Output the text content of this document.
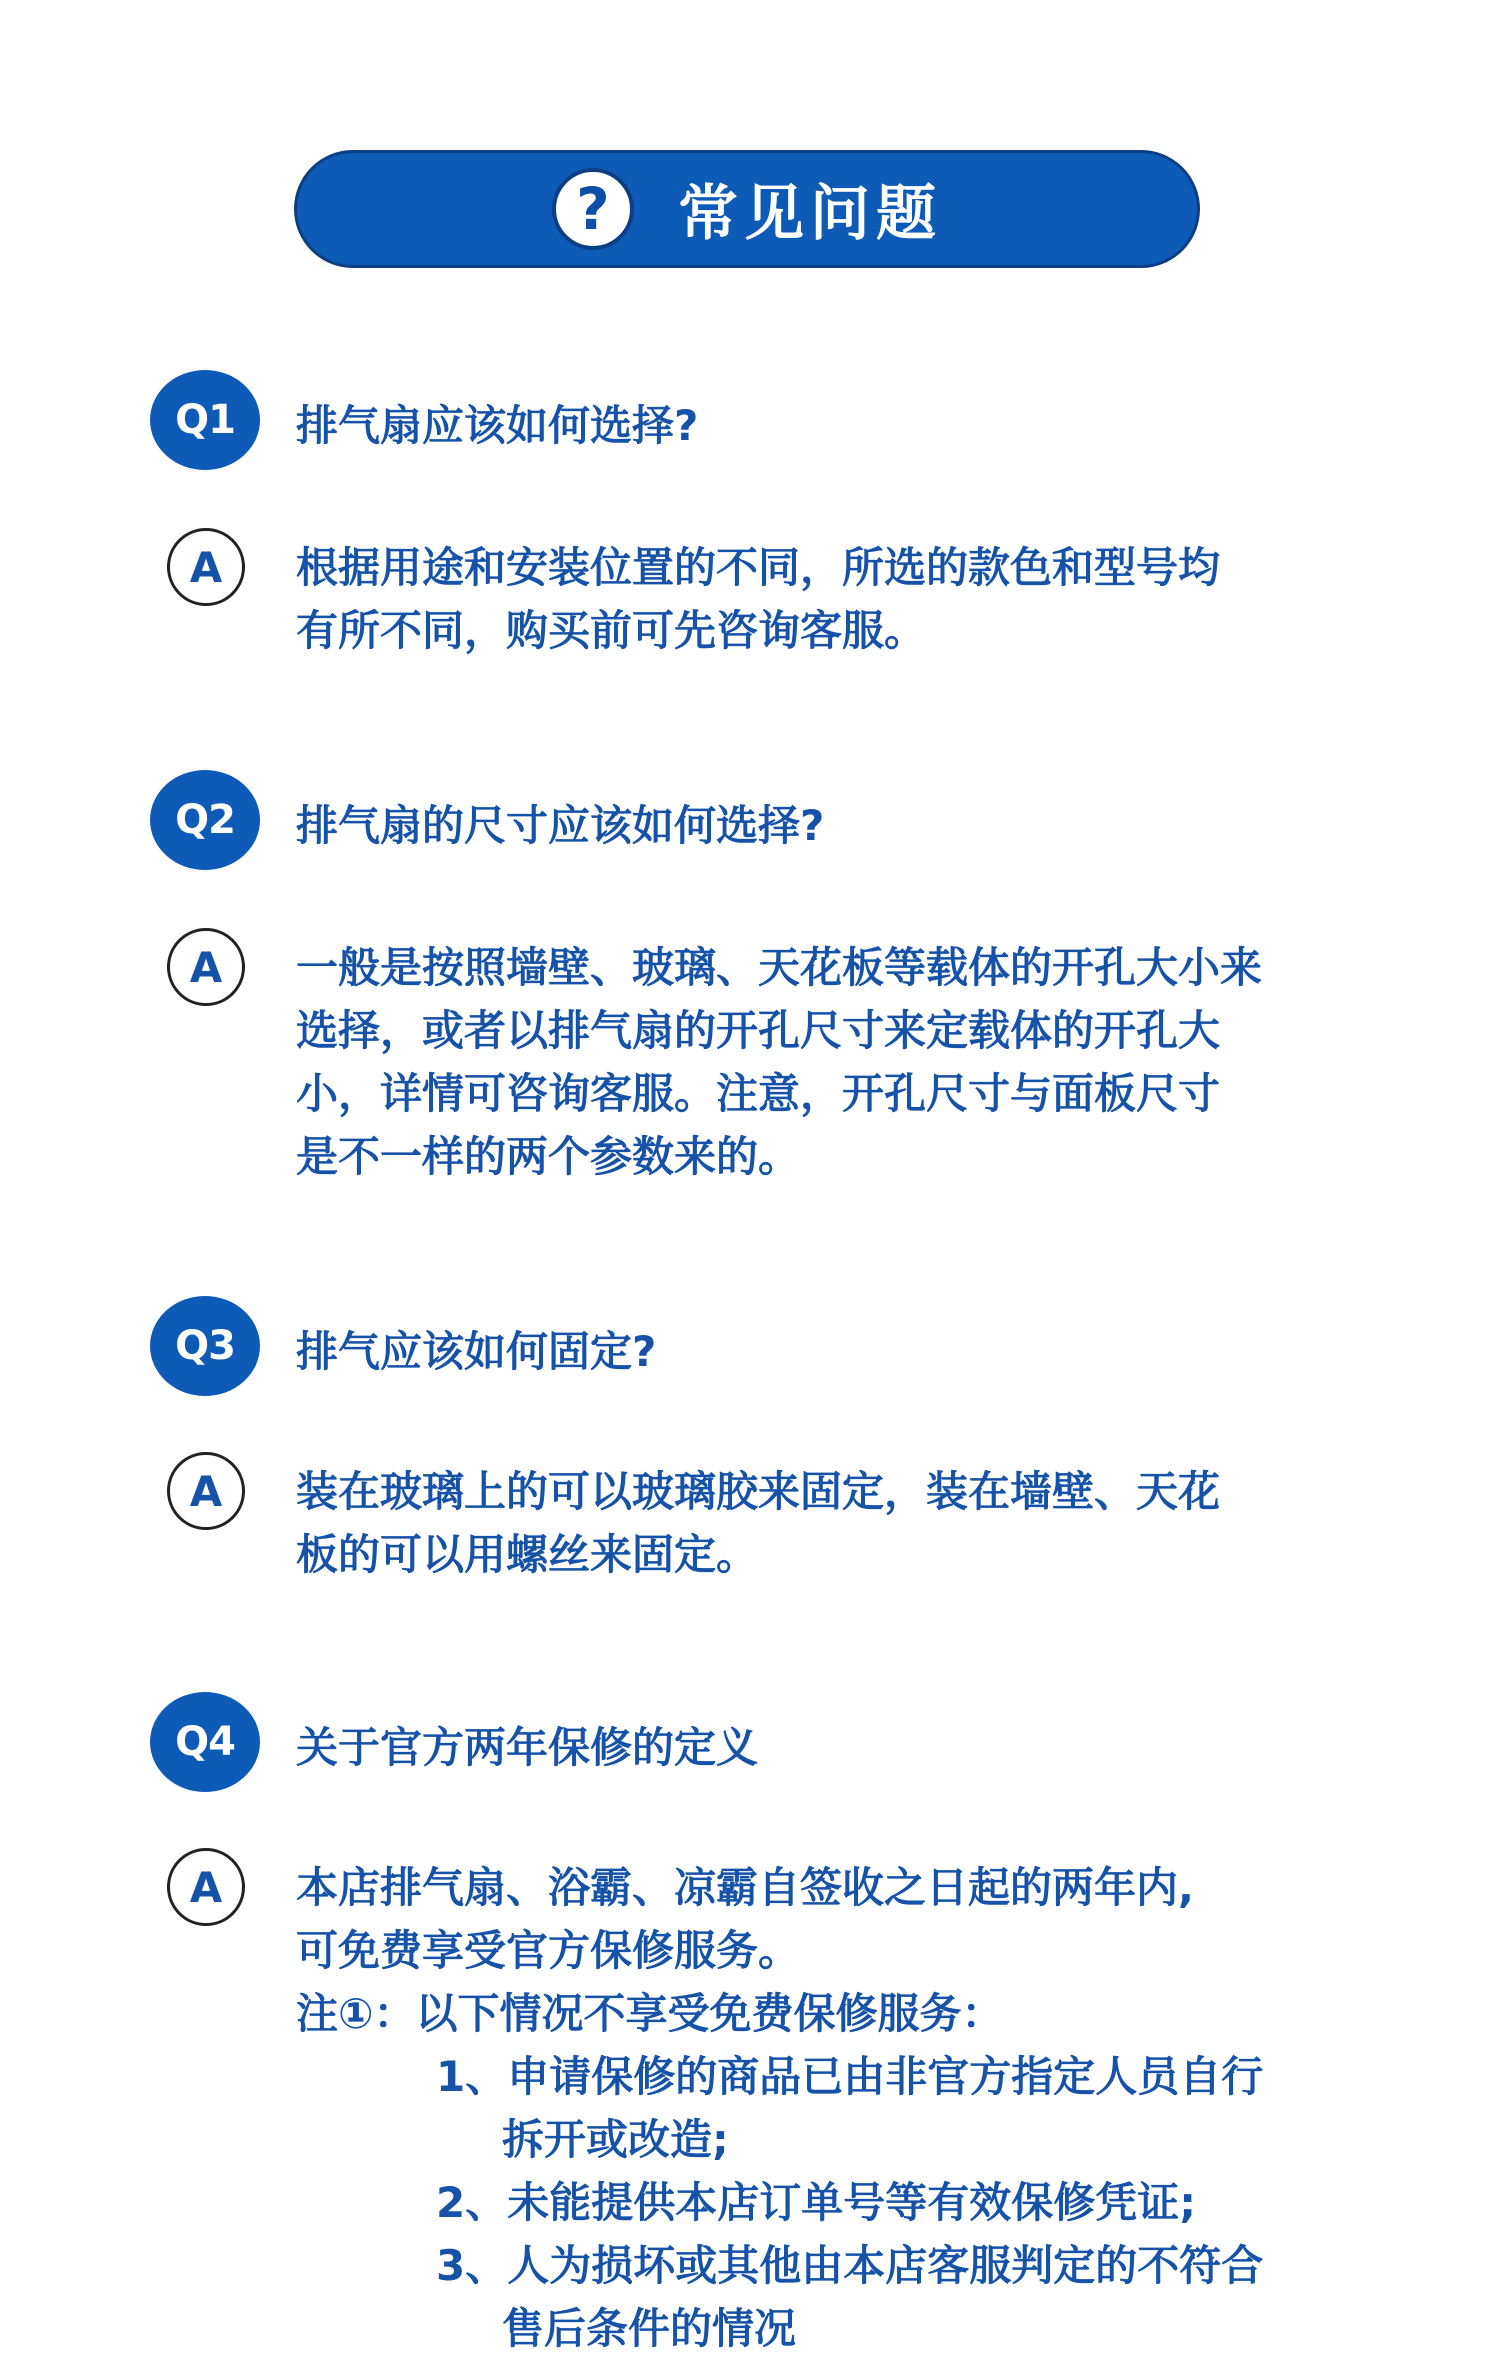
?	常见问题
Q1	排气扇应该如何选择?
A	根据用途和安装位置的不同，所选的款色和型号均
有所不同，购买前可先咨询客服。
Q2	排气扇的尺寸应该如何选择?
A	一般是按照墙壁、玻璃、天花板等载体的开孔大小来
选择，或者以排气扇的开孔尺寸来定载体的开孔大
小，详情可咨询客服。注意，开孔尺寸与面板尺寸
是不一样的两个参数来的。
Q3	排气应该如何固定?
A	装在玻璃上的可以玻璃胶来固定，装在墙壁、天花
板的可以用螺丝来固定。
Q4	关于官方两年保修的定义
A	本店排气扇、浴霸、凉霸自签收之日起的两年内,
可免费享受官方保修服务。
注①：以下情况不享受免费保修服务：
1、申请保修的商品已由非官方指定人员自行
拆开或改造;
2、未能提供本店订单号等有效保修凭证;
3、人为损坏或其他由本店客服判定的不符合
售后条件的情况
